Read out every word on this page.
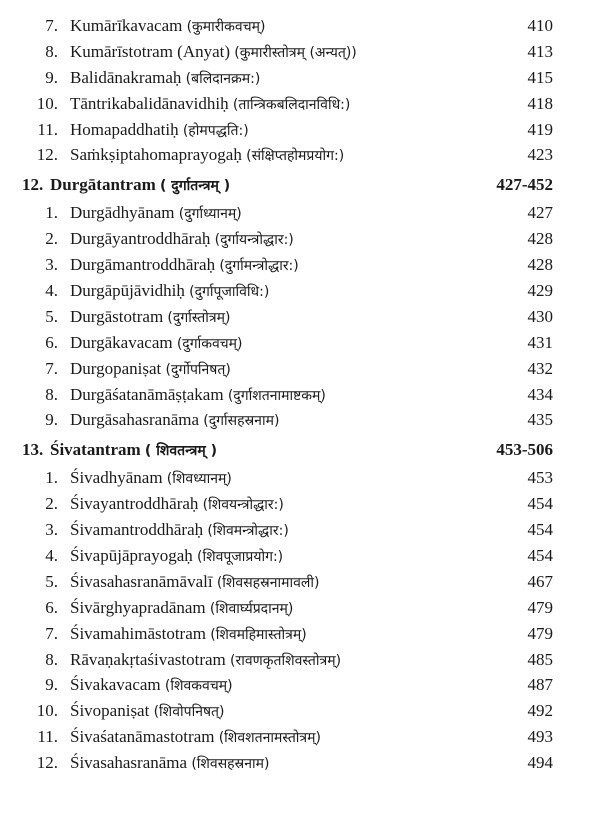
7. Kumārīkavacam (कुमारीकवचम्)	410
8. Kumārīstotram (Anyat) (कुमारीस्तोत्रम् (अन्यत्))	413
9. Balidānakramaḥ (बलिदानक्रम:)	415
10. Tāntrikabalidānavidhiḥ (तान्त्रिकबलिदानविधि:)	418
11. Homapaddhatiḥ (होमपद्धति:)	419
12. Saṁkṣiptahomaprayogaḥ (संक्षिप्तहोमप्रयोग:)	423
12. Durgātantram ( दुर्गातन्त्रम् )	427-452
1. Durgādhyānam (दुर्गाध्यानम्)	427
2. Durgāyantroddhāraḥ (दुर्गायन्त्रोद्धार:)	428
3. Durgāmantroddhāraḥ (दुर्गामन्त्रोद्धार:)	428
4. Durgāpūjāvidhiḥ (दुर्गापूजाविधि:)	429
5. Durgāstotram (दुर्गास्तोत्रम्)	430
6. Durgākavacam (दुर्गाकवचम्)	431
7. Durgopaniṣat (दुर्गोपनिषत्)	432
8. Durgāśatanāmāṣṭakam (दुर्गाशतनामाष्टकम्)	434
9. Durgāsahasranāma (दुर्गासहस्रनाम)	435
13. Śivatantram ( शिवतन्त्रम् )	453-506
1. Śivadhyānam (शिवध्यानम्)	453
2. Śivayantroddhāraḥ (शिवयन्त्रोद्धार:)	454
3. Śivamantroddhāraḥ (शिवमन्त्रोद्धार:)	454
4. Śivapūjāprayogaḥ (शिवपूजाप्रयोग:)	454
5. Śivasahasranāmāvalī (शिवसहस्रनामावली)	467
6. Śivārghyapradānam (शिवार्घ्यप्रदानम्)	479
7. Śivamahimāstotram (शिवमहिमास्तोत्रम्)	479
8. Rāvaṇakṛtaśivastotram (रावणकृतशिवस्तोत्रम्)	485
9. Śivakavacam (शिवकवचम्)	487
10. Śivopaniṣat (शिवोपनिषत्)	492
11. Śivaśatanāmastotram (शिवशतनामस्तोत्रम्)	493
12. Śivasahasranāma (शिवसहस्रनाम)	494
